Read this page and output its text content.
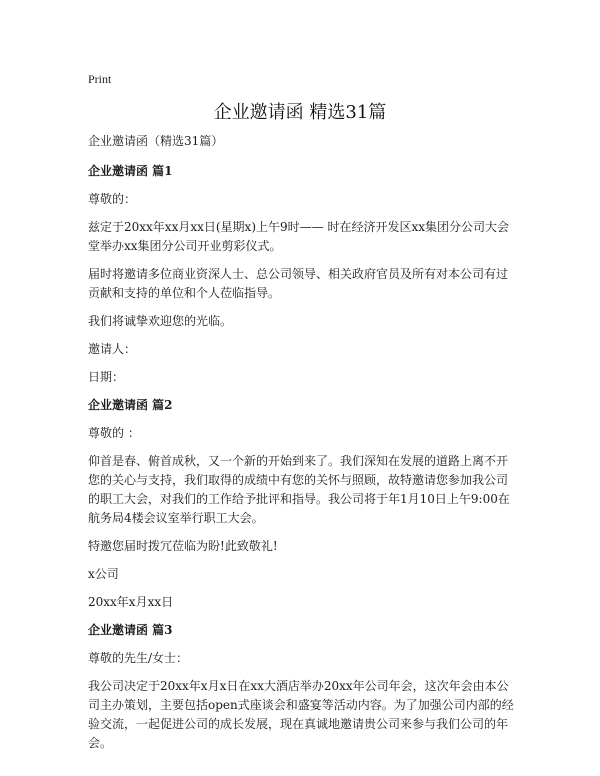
Print
企业邀请函 精选31篇

企业邀请函（精选31篇）

企业邀请函 篇1

尊敬的：

兹定于20xx年xx月xx日(星期x)上午9时—— 时在经济开发区xx集团分公司大会堂举办xx集团分公司开业剪彩仪式。

届时将邀请多位商业资深人士、总公司领导、相关政府官员及所有对本公司有过贡献和支持的单位和个人莅临指导。

我们将诚挚欢迎您的光临。

邀请人：

日期：

企业邀请函 篇2

尊敬的 ：

仰首是春、俯首成秋，又一个新的开始到来了。我们深知在发展的道路上离不开您的关心与支持，我们取得的成绩中有您的关怀与照顾，故特邀请您参加我公司的职工大会，对我们的工作给予批评和指导。我公司将于年1月10日上午9:00在航务局4楼会议室举行职工大会。

特邀您届时拨冗莅临为盼!此致敬礼!

x公司

20xx年x月xx日

企业邀请函 篇3

尊敬的先生/女士：

我公司决定于20xx年x月x日在xx大酒店举办20xx年公司年会，这次年会由本公司主办策划，主要包括open式座谈会和盛宴等活动内容。为了加强公司内部的经验交流，一起促进公司的成长发展，现在真诚地邀请贵公司来参与我们公司的年会。
